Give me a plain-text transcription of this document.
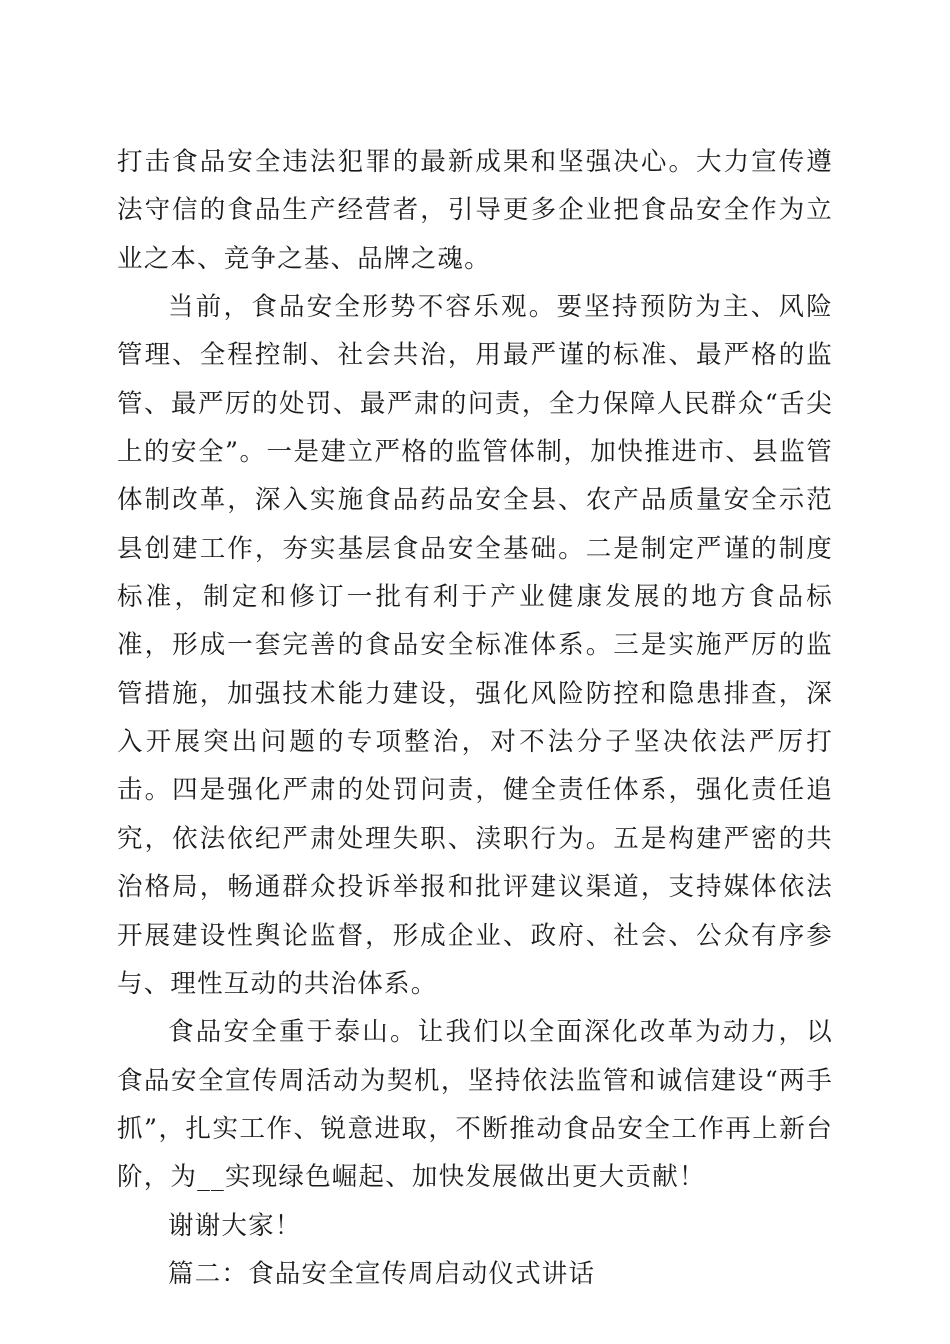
打击食品安全违法犯罪的最新成果和坚强决心。大力宣传遵法守信的食品生产经营者，引导更多企业把食品安全作为立业之本、竞争之基、品牌之魂。

当前，食品安全形势不容乐观。要坚持预防为主、风险管理、全程控制、社会共治，用最严谨的标准、最严格的监管、最严厉的处罚、最严肃的问责，全力保障人民群众“舌尖上的安全”。一是建立严格的监管体制，加快推进市、县监管体制改革，深入实施食品药品安全县、农产品质量安全示范县创建工作，夯实基层食品安全基础。二是制定严谨的制度标准，制定和修订一批有利于产业健康发展的地方食品标准，形成一套完善的食品安全标准体系。三是实施严厉的监管措施，加强技术能力建设，强化风险防控和隐患排查，深入开展突出问题的专项整治，对不法分子坚决依法严厉打击。四是强化严肃的处罚问责，健全责任体系，强化责任追究，依法依纪严肃处理失职、渎职行为。五是构建严密的共治格局，畅通群众投诉举报和批评建议渠道，支持媒体依法开展建设性舆论监督，形成企业、政府、社会、公众有序参与、理性互动的共治体系。

食品安全重于泰山。让我们以全面深化改革为动力，以食品安全宣传周活动为契机，坚持依法监管和诚信建设“两手抓”，扎实工作、锐意进取，不断推动食品安全工作再上新台阶，为__实现绿色崛起、加快发展做出更大贡献！

谢谢大家！

篇二：食品安全宣传周启动仪式讲话
